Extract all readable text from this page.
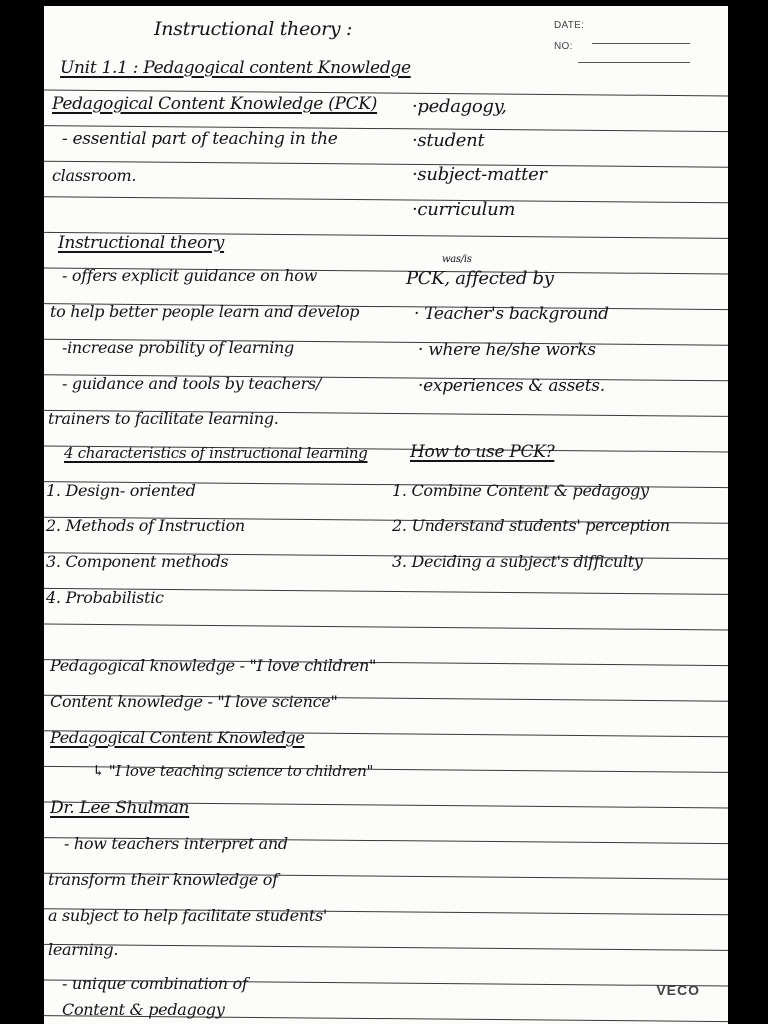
DATE:
NO:
Instructional theory :
Unit 1.1 : Pedagogical content Knowledge
Pedagogical Content Knowledge (PCK)
- essential part of teaching in the
classroom.
·pedagogy,
·student
·subject-matter
·curriculum
Instructional theory
- offers explicit guidance on how
to help better people learn and develop
-increase probility of learning
- guidance and tools by teachers/
trainers to facilitate learning.
was/is
PCK, affected by
· Teacher's background
· where he/she works
·experiences & assets.
4 characteristics of instructional learning
1. Design- oriented
2. Methods of Instruction
3. Component methods
4. Probabilistic
How to use PCK?
1. Combine Content & pedagogy
2. Understand students' perception
3. Deciding a subject's difficulty
Pedagogical knowledge - "I love children"
Content knowledge - "I love science"
Pedagogical Content Knowledge
↳ "I love teaching science to children"
Dr. Lee Shulman
- how teachers interpret and
transform their knowledge of
a subject to help facilitate students'
learning.
- unique combination of
Content & pedagogy
VECO
